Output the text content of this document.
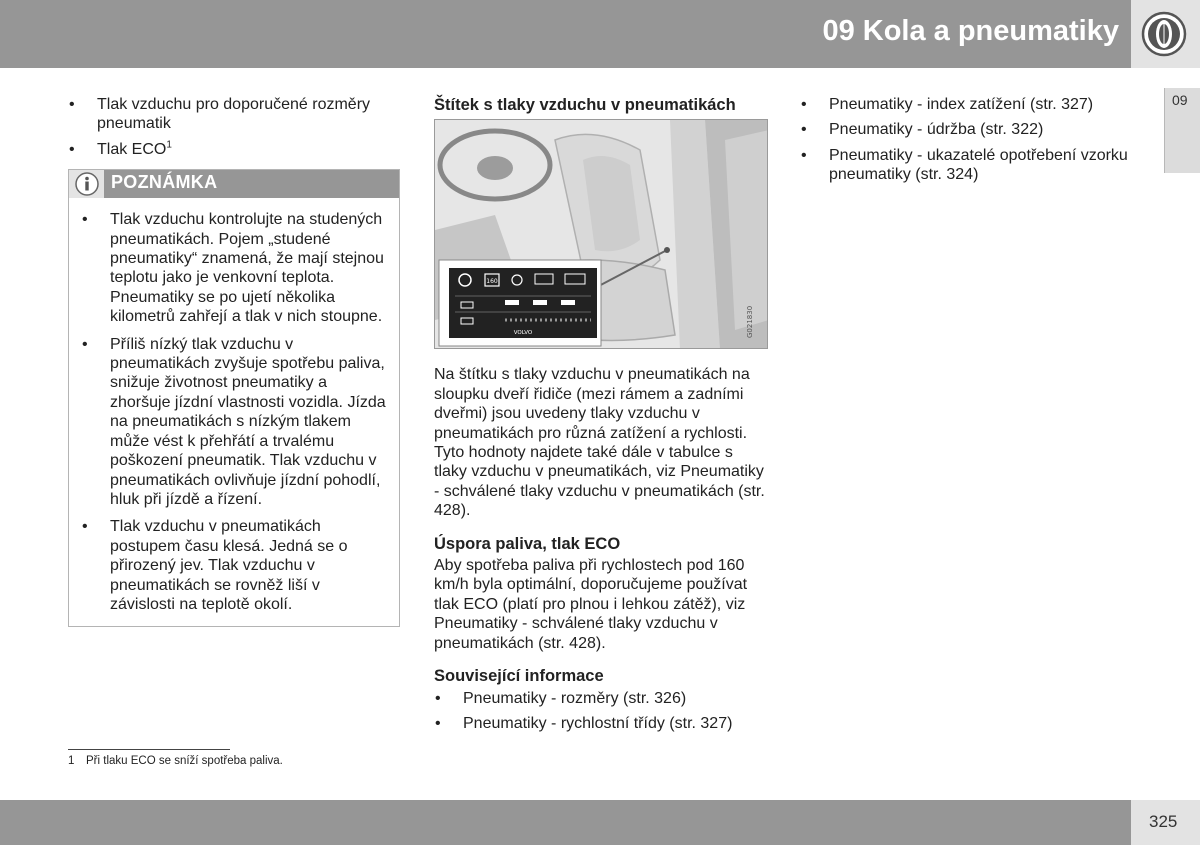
09 Kola a pneumatiky
09
• Tlak vzduchu pro doporučené rozměry pneumatik
• Tlak ECO$^1$
POZNÁMKA
• Tlak vzduchu kontrolujte na studených pneumatikách. Pojem „studené pneumatiky“ znamená, že mají stejnou teplotu jako je venkovní teplota. Pneumatiky se po ujetí několika kilometrů zahřejí a tlak v nich stoupne.
• Příliš nízký tlak vzduchu v pneumatikách zvyšuje spotřebu paliva, snižuje životnost pneumatiky a zhoršuje jízdní vlastnosti vozidla. Jízda na pneumatikách s nízkým tlakem může vést k přehřátí a trvalému poškození pneumatik. Tlak vzduchu v pneumatikách ovlivňuje jízdní pohodlí, hluk při jízdě a řízení.
• Tlak vzduchu v pneumatikách postupem času klesá. Jedná se o přirozený jev. Tlak vzduchu v pneumatikách se rovněž liší v závislosti na teplotě okolí.
Štítek s tlaky vzduchu v pneumatikách
160
VOLVO	G021830
Na štítku s tlaky vzduchu v pneumatikách na sloupku dveří řidiče (mezi rámem a zadními dveřmi) jsou uvedeny tlaky vzduchu v pneumatikách pro různá zatížení a rychlosti. Tyto hodnoty najdete také dále v tabulce s tlaky vzduchu v pneumatikách, viz Pneumatiky - schválené tlaky vzduchu v pneumatikách (str. 428).
Úspora paliva, tlak ECO
Aby spotřeba paliva při rychlostech pod 160 km/h byla optimální, doporučujeme používat tlak ECO (platí pro plnou i lehkou zátěž), viz Pneumatiky - schválené tlaky vzduchu v pneumatikách (str. 428).
Související informace
• Pneumatiky - rozměry (str. 326)
• Pneumatiky - rychlostní třídy (str. 327)
• Pneumatiky - index zatížení (str. 327)
• Pneumatiky - údržba (str. 322)
• Pneumatiky - ukazatelé opotřebení vzorku pneumatiky (str. 324)
1 Při tlaku ECO se sníží spotřeba paliva.
325
